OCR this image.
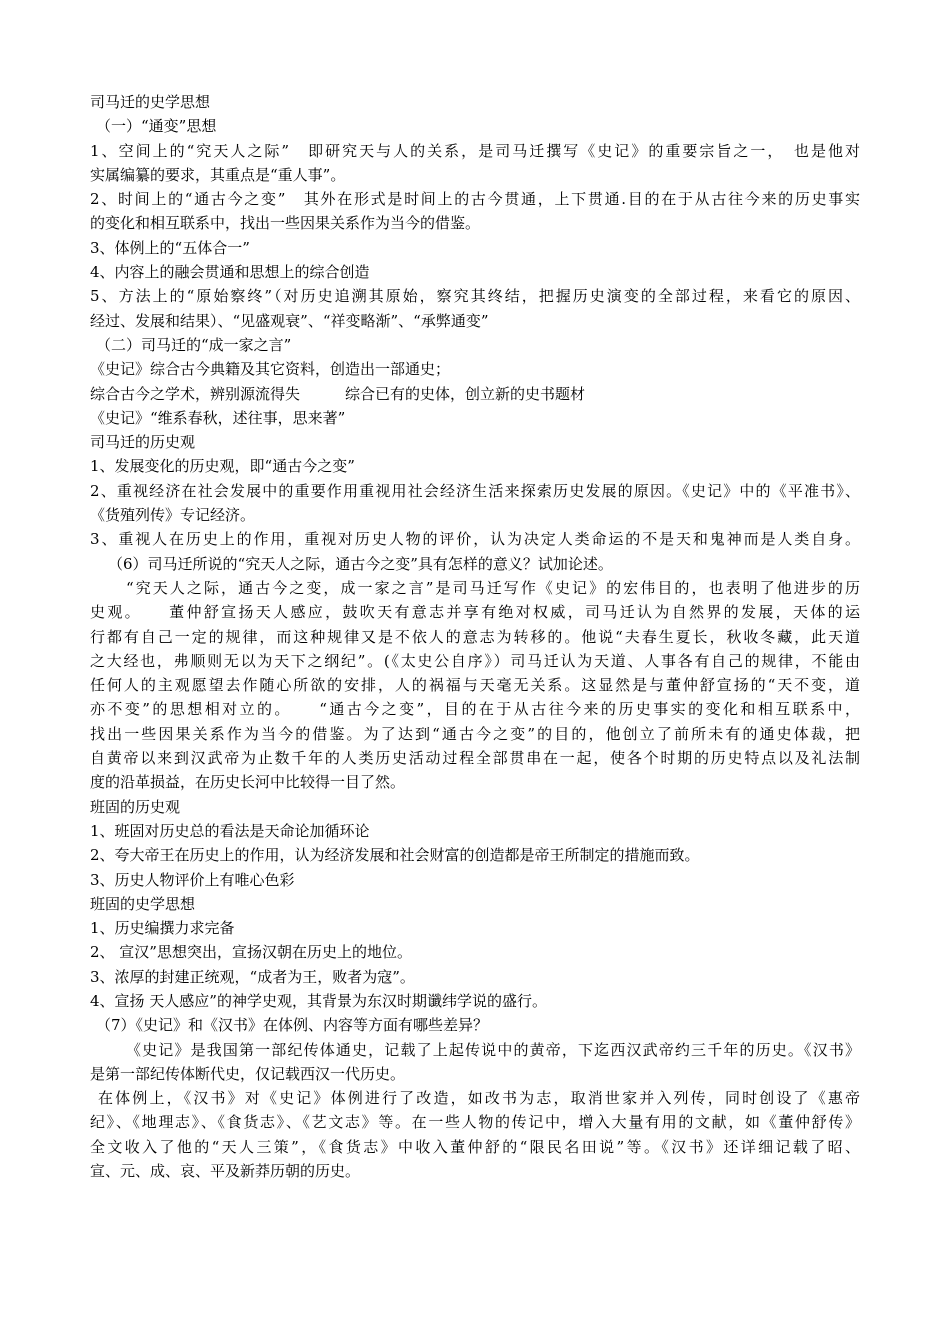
司马迁的史学思想
（一）“通变”思想
1、空间上的“究天人之际”　即研究天与人的关系，是司马迁撰写《史记》的重要宗旨之一，　也是他对
实属编纂的要求，其重点是“重人事”。
2、时间上的“通古今之变”　其外在形式是时间上的古今贯通，上下贯通.目的在于从古往今来的历史事实
的变化和相互联系中，找出一些因果关系作为当今的借鉴。
3、体例上的“五体合一”
4、内容上的融会贯通和思想上的综合创造
5、方法上的“原始察终”（对历史追溯其原始，察究其终结，把握历史演变的全部过程，来看它的原因、
经过、发展和结果）、“见盛观衰”、“祥变略渐”、“承弊通变”
（二）司马迁的“成一家之言”
《史记》综合古今典籍及其它资料，创造出一部通史；
综合古今之学术，辨别源流得失　　　综合已有的史体，创立新的史书题材
《史记》“维系春秋，述往事，思来著”
司马迁的历史观
1、发展变化的历史观，即“通古今之变”
2、重视经济在社会发展中的重要作用重视用社会经济生活来探索历史发展的原因。《史记》中的《平准书》、
《货殖列传》专记经济。
3、重视人在历史上的作用，重视对历史人物的评价，认为决定人类命运的不是天和鬼神而是人类自身。
（6）司马迁所说的“究天人之际，通古今之变”具有怎样的意义？试加论述。
“究天人之际，通古今之变，成一家之言”是司马迁写作《史记》的宏伟目的，也表明了他进步的历
史观。　　董仲舒宣扬天人感应，鼓吹天有意志并享有绝对权威，司马迁认为自然界的发展，天体的运
行都有自己一定的规律，而这种规律又是不依人的意志为转移的。他说“夫春生夏长，秋收冬藏，此天道
之大经也，弗顺则无以为天下之纲纪”。(《太史公自序》）司马迁认为天道、人事各有自己的规律，不能由
任何人的主观愿望去作随心所欲的安排，人的祸福与天毫无关系。这显然是与董仲舒宣扬的“天不变，道
亦不变”的思想相对立的。　　“通古今之变”，目的在于从古往今来的历史事实的变化和相互联系中，
找出一些因果关系作为当今的借鉴。为了达到“通古今之变”的目的，他创立了前所未有的通史体裁，把
自黄帝以来到汉武帝为止数千年的人类历史活动过程全部贯串在一起，使各个时期的历史特点以及礼法制
度的沿革损益，在历史长河中比较得一目了然。
班固的历史观
1、班固对历史总的看法是天命论加循环论
2、夸大帝王在历史上的作用，认为经济发展和社会财富的创造都是帝王所制定的措施而致。
3、历史人物评价上有唯心色彩
班固的史学思想
1、历史编撰力求完备
2、 宣汉”思想突出，宣扬汉朝在历史上的地位。
3、浓厚的封建正统观，“成者为王，败者为寇”。
4、宣扬 天人感应”的神学史观，其背景为东汉时期谶纬学说的盛行。
（7）《史记》和《汉书》在体例、内容等方面有哪些差异？
《史记》是我国第一部纪传体通史，记载了上起传说中的黄帝，下迄西汉武帝约三千年的历史。《汉书》
是第一部纪传体断代史，仅记载西汉一代历史。
在体例上，《汉书》对《史记》体例进行了改造，如改书为志，取消世家并入列传，同时创设了《惠帝
纪》、《地理志》、《食货志》、《艺文志》等。在一些人物的传记中，增入大量有用的文献，如《董仲舒传》
全文收入了他的“天人三策”，《食货志》中收入董仲舒的“限民名田说”等。《汉书》还详细记载了昭、
宣、元、成、哀、平及新莽历朝的历史。
